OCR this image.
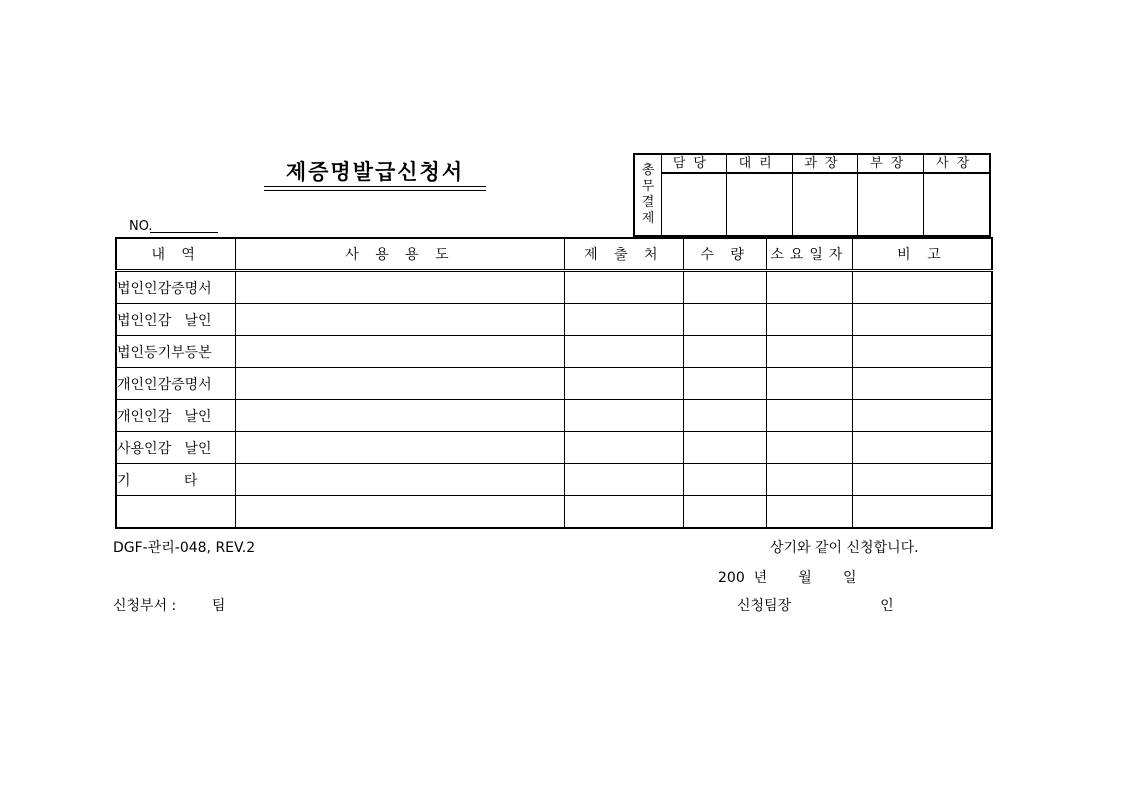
제증명발급신청서
NO.
총
무
결
제
담당	대리	과장	부장	사장
내 역	사 용 용 도	제 출 처	수 량	소요일자	비 고
법인인감증명서					
법인인감   날인					
법인등기부등본					
개인인감증명서					
개인인감   날인					
사용인감   날인					
기            타					

DGF-관리-048, REV.2	상기와 같이 신청합니다.
200  년       월       일
신청부서 :        팀	신청팀장                    인
